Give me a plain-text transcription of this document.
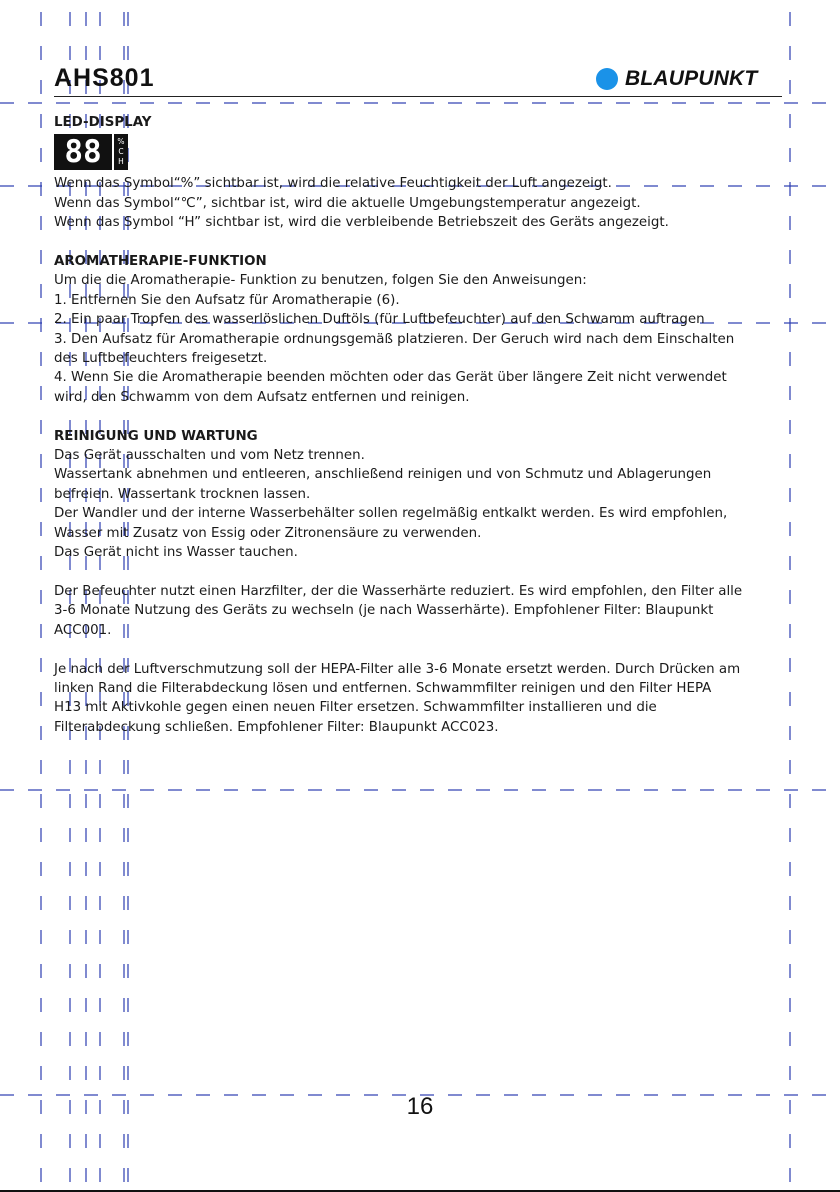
AHS801	BLAUPUNKT

LED-DISPLAY

88 %
C
H

Wenn das Symbol“%” sichtbar ist, wird die relative Feuchtigkeit der Luft angezeigt.

Wenn das Symbol“℃”, sichtbar ist, wird die aktuelle Umgebungstemperatur angezeigt.

Wenn das Symbol “H” sichtbar ist, wird die verbleibende Betriebszeit des Geräts angezeigt.

AROMATHERAPIE-FUNKTION

Um die die Aromatherapie- Funktion zu benutzen, folgen Sie den Anweisungen:

1. Entfernen Sie den Aufsatz für Aromatherapie (6).

2. Ein paar Tropfen des wasserlöslichen Duftöls (für Luftbefeuchter) auf den Schwamm auftragen

3. Den Aufsatz für Aromatherapie ordnungsgemäß platzieren. Der Geruch wird nach dem Einschalten

des Luftbefeuchters freigesetzt.

4. Wenn Sie die Aromatherapie beenden möchten oder das Gerät über längere Zeit nicht verwendet

wird, den Schwamm von dem Aufsatz entfernen und reinigen.

REINIGUNG UND WARTUNG

Das Gerät ausschalten und vom Netz trennen.

Wassertank abnehmen und entleeren, anschließend reinigen und von Schmutz und Ablagerungen

befreien. Wassertank trocknen lassen.

Der Wandler und der interne Wasserbehälter sollen regelmäßig entkalkt werden. Es wird empfohlen,

Wasser mit Zusatz von Essig oder Zitronensäure zu verwenden.

Das Gerät nicht ins Wasser tauchen.

Der Befeuchter nutzt einen Harzfilter, der die Wasserhärte reduziert. Es wird empfohlen, den Filter alle

3-6 Monate Nutzung des Geräts zu wechseln (je nach Wasserhärte). Empfohlener Filter: Blaupunkt

ACC001.

Je nach der Luftverschmutzung soll der HEPA-Filter alle 3-6 Monate ersetzt werden. Durch Drücken am

linken Rand die Filterabdeckung lösen und entfernen. Schwammfilter reinigen und den Filter HEPA

H13 mit Aktivkohle gegen einen neuen Filter ersetzen. Schwammfilter installieren und die

Filterabdeckung schließen. Empfohlener Filter: Blaupunkt ACC023.

16
